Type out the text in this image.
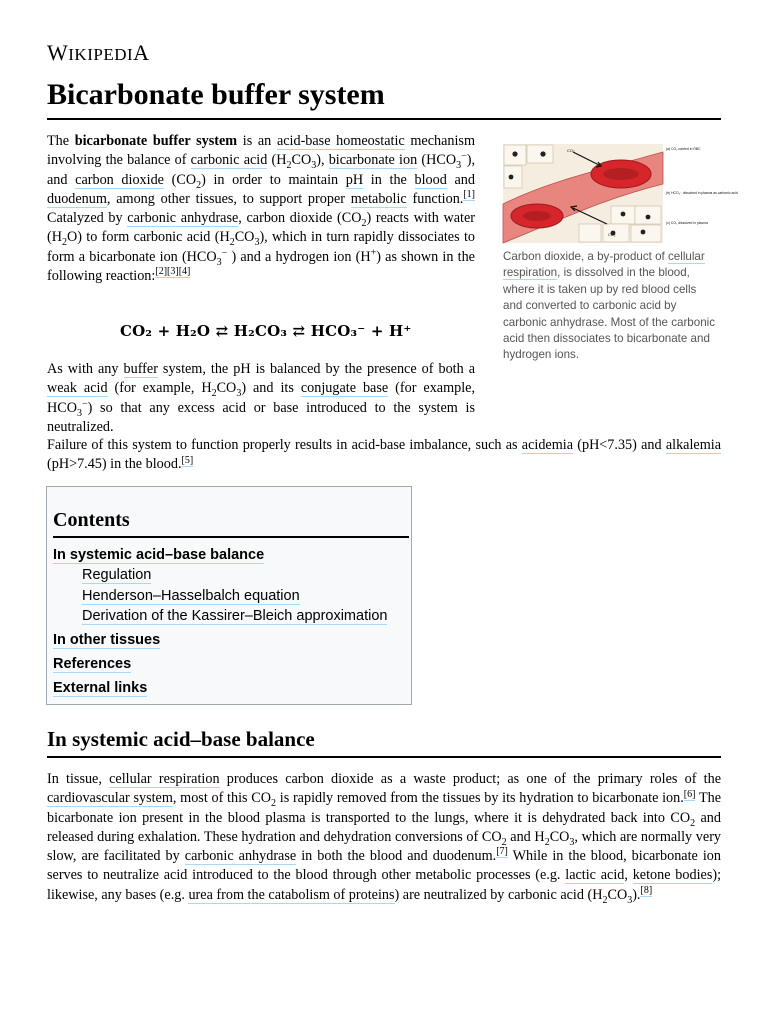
WIKIPEDIA
Bicarbonate buffer system

The bicarbonate buffer system is an acid-base homeostatic mechanism involving the balance of carbonic acid $(H_2CO_3)$, bicarbonate ion $(HCO_3^-)$, and carbon dioxide $(CO_2)$ in order to maintain pH in the blood and duodenum, among other tissues, to support proper metabolic function.[1] Catalyzed by carbonic anhydrase, carbon dioxide $(CO_2)$ reacts with water $(H_2O)$ to form carbonic acid $(H_2CO_3)$, which in turn rapidly dissociates to form a bicarbonate ion ($HCO_3^-$ ) and a hydrogen ion (H+) as shown in the following reaction:[2][3][4]

CO₂ + H₂O ⇄ H₂CO₃ ⇄ HCO₃⁻ + H⁺
CO₂
CO₂
(a) CO₂ carried in RBC
(b) HCO₃⁻ dissolved in plasma as carbonic acid
(c) CO₂ dissolved in plasma
Carbon dioxide, a by-product of cellular respiration, is dissolved in the blood, where it is taken up by red blood cells and converted to carbonic acid by carbonic anhydrase. Most of the carbonic acid then dissociates to bicarbonate and hydrogen ions.
As with any buffer system, the pH is balanced by the presence of both a weak acid (for example, $H_2CO_3$) and its conjugate base (for example, $HCO_3^-$) so that any excess acid or base introduced to the system is neutralized.
Failure of this system to function properly results in acid-base imbalance, such as acidemia (pH<7.35) and alkalemia (pH>7.45) in the blood.[5]
Contents
In systemic acid–base balance
Regulation
Henderson–Hasselbalch equation
Derivation of the Kassirer–Bleich approximation
In other tissues
References
External links
In systemic acid–base balance
In tissue, cellular respiration produces carbon dioxide as a waste product; as one of the primary roles of the cardiovascular system, most of this $CO_2$ is rapidly removed from the tissues by its hydration to bicarbonate ion.[6] The bicarbonate ion present in the blood plasma is transported to the lungs, where it is dehydrated back into $CO_2$ and released during exhalation. These hydration and dehydration conversions of $CO_2$ and $H_2CO_3$, which are normally very slow, are facilitated by carbonic anhydrase in both the blood and duodenum.[7] While in the blood, bicarbonate ion serves to neutralize acid introduced to the blood through other metabolic processes (e.g. lactic acid, ketone bodies); likewise, any bases (e.g. urea from the catabolism of proteins) are neutralized by carbonic acid $(H_2CO_3).[8]$
